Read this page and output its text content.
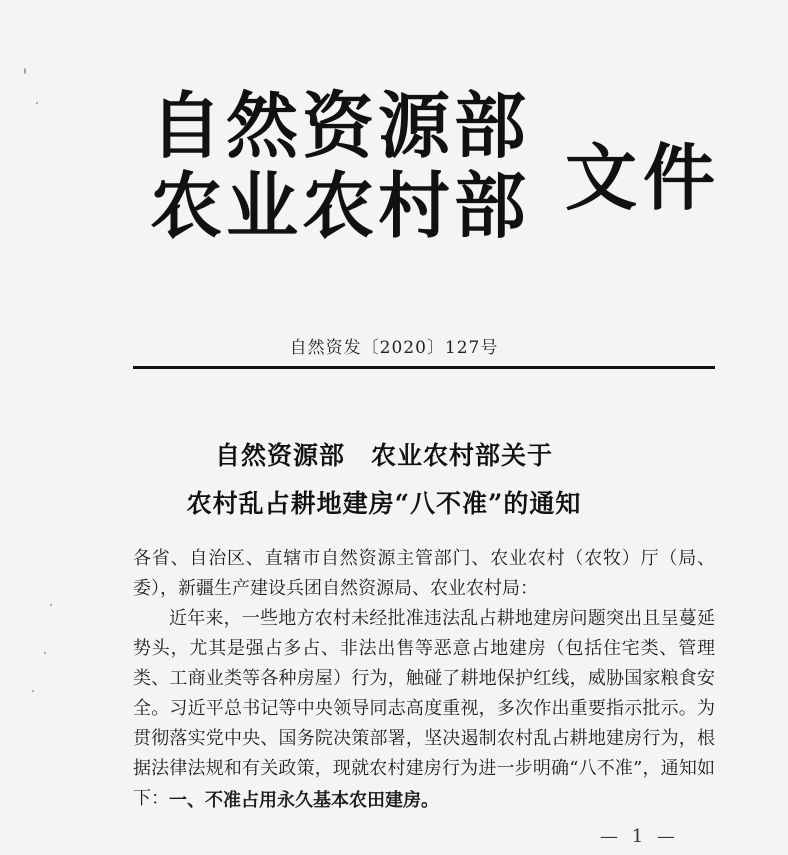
自然资源部
农业农村部 文件
自然资发〔2020〕127号
自然资源部　农业农村部关于
农村乱占耕地建房“八不准”的通知
各省、自治区、直辖市自然资源主管部门、农业农村（农牧）厅（局、委），新疆生产建设兵团自然资源局、农业农村局：
近年来，一些地方农村未经批准违法乱占耕地建房问题突出且呈蔓延势头，尤其是强占多占、非法出售等恶意占地建房（包括住宅类、管理类、工商业类等各种房屋）行为，触碰了耕地保护红线，威胁国家粮食安全。习近平总书记等中央领导同志高度重视，多次作出重要指示批示。为贯彻落实党中央、国务院决策部署，坚决遏制农村乱占耕地建房行为，根据法律法规和有关政策，现就农村建房行为进一步明确“八不准”，通知如下： 一、不准占用永久基本农田建房。
— 1 —
